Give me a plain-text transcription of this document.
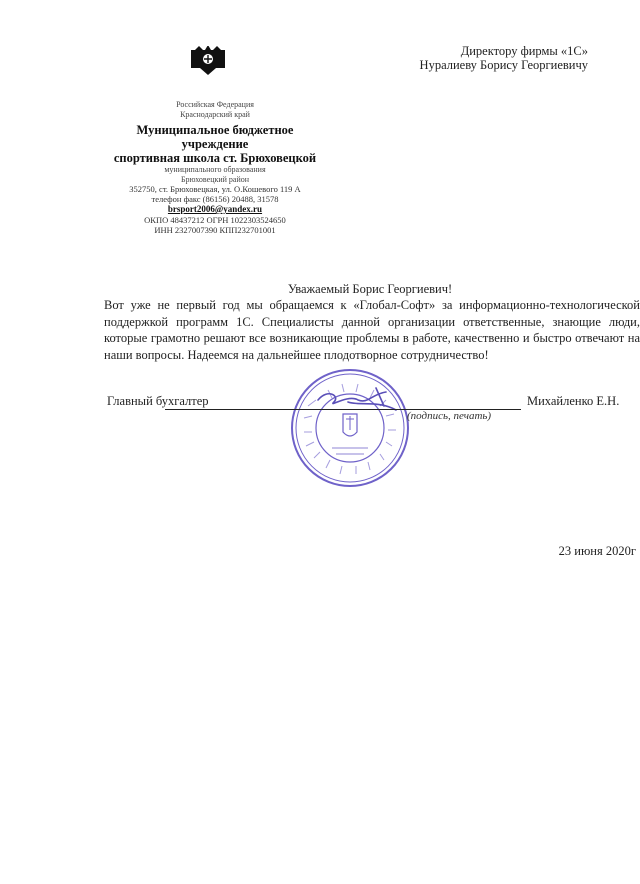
Директору фирмы «1С»
Нуралиеву Борису Георгиевичу
Российская Федерация
Краснодарский край
Муниципальное бюджетное
учреждение
спортивная школа ст. Брюховецкой
муниципального образования
Брюховецкий район
352750, ст. Брюховецкая, ул. О.Кошевого 119 А
телефон факс (86156) 20488, 31578
brsport2006@yandex.ru
ОКПО 48437212 ОГРН 1022303524650
ИНН 2327007390 КПП232701001
Уважаемый Борис Георгиевич!
Вот уже не первый год мы обращаемся к «Глобал-Софт» за информационно-технологической поддержкой программ 1С. Специалисты данной организации ответственные, знающие люди, которые грамотно решают все возникающие проблемы в работе, качественно и быстро отвечают на наши вопросы. Надеемся на дальнейшее плодотворное сотрудничество!
Главный бухгалтер
(подпись, печать)
Михайленко Е.Н.
23 июня 2020г
